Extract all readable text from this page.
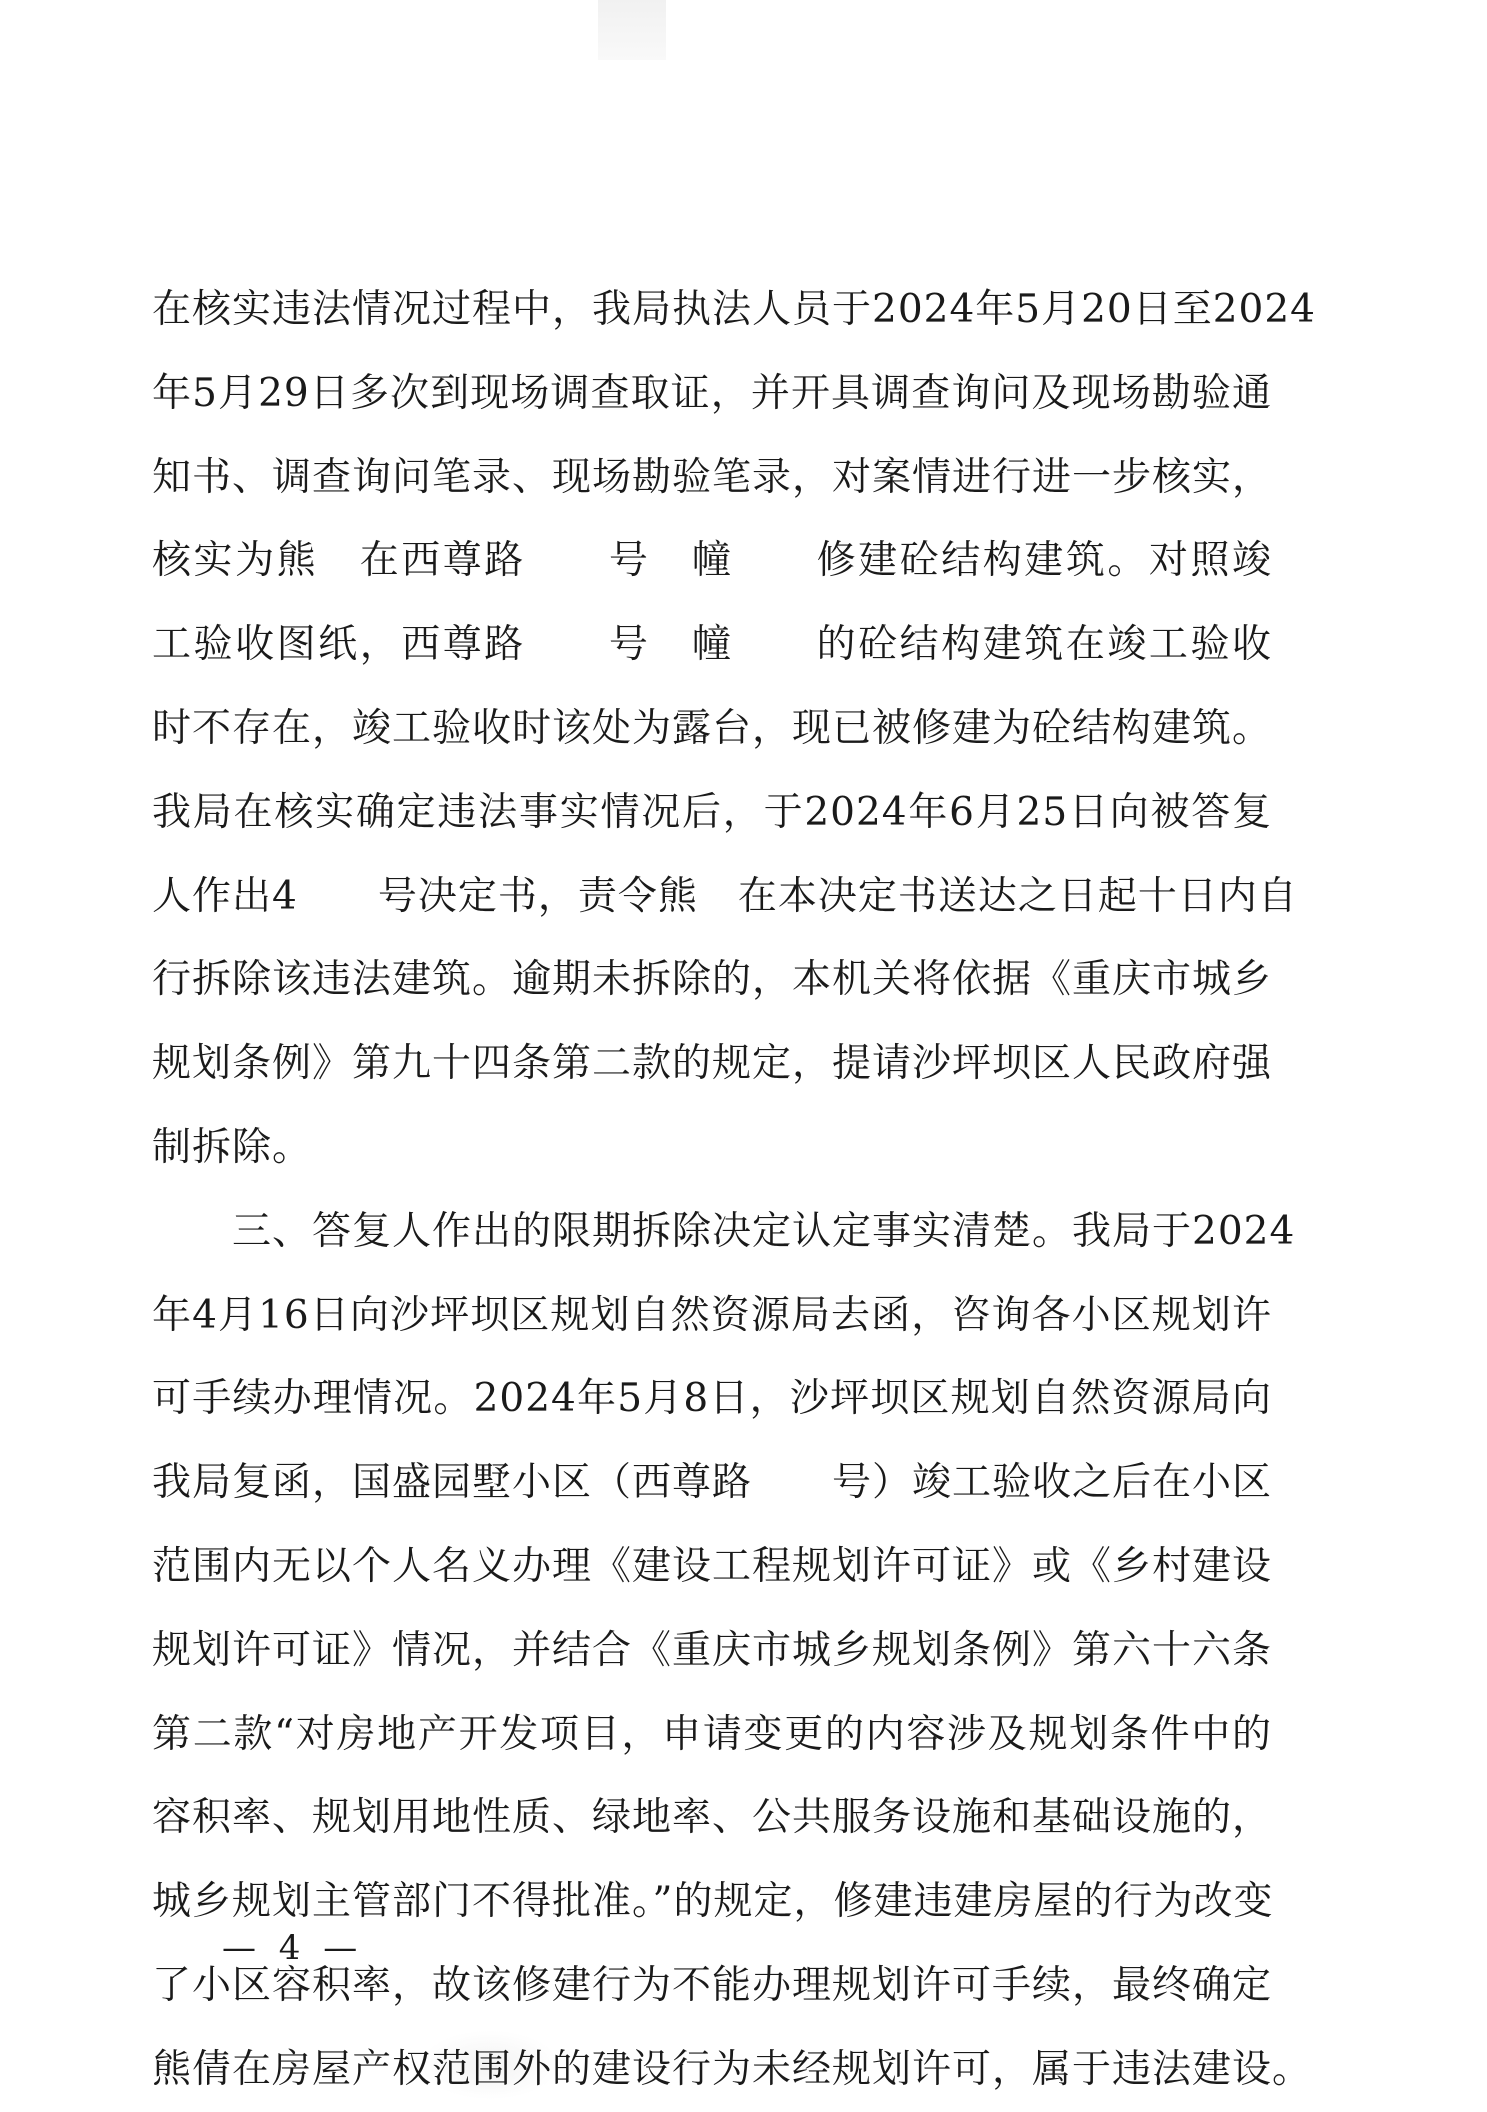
在核实违法情况过程中，我局执法人员于2024年5月20日至2024
年5月29日多次到现场调查取证，并开具调查询问及现场勘验通
知书、调查询问笔录、现场勘验笔录，对案情进行进一步核实，
核实为熊　在西尊路　　号　幢　　修建砼结构建筑。对照竣
工验收图纸，西尊路　　号　幢　　的砼结构建筑在竣工验收
时不存在，竣工验收时该处为露台，现已被修建为砼结构建筑。
我局在核实确定违法事实情况后，于2024年6月25日向被答复
人作出4　　号决定书，责令熊　在本决定书送达之日起十日内自
行拆除该违法建筑。逾期未拆除的，本机关将依据《重庆市城乡
规划条例》第九十四条第二款的规定，提请沙坪坝区人民政府强
制拆除。
三、答复人作出的限期拆除决定认定事实清楚。我局于2024
年4月16日向沙坪坝区规划自然资源局去函，咨询各小区规划许
可手续办理情况。2024年5月8日，沙坪坝区规划自然资源局向
我局复函，国盛园墅小区（西尊路　　号）竣工验收之后在小区
范围内无以个人名义办理《建设工程规划许可证》或《乡村建设
规划许可证》情况，并结合《重庆市城乡规划条例》第六十六条
第二款“对房地产开发项目，申请变更的内容涉及规划条件中的
容积率、规划用地性质、绿地率、公共服务设施和基础设施的，
城乡规划主管部门不得批准。”的规定，修建违建房屋的行为改变
了小区容积率，故该修建行为不能办理规划许可手续，最终确定
熊倩在房屋产权范围外的建设行为未经规划许可，属于违法建设。
— 4 —
